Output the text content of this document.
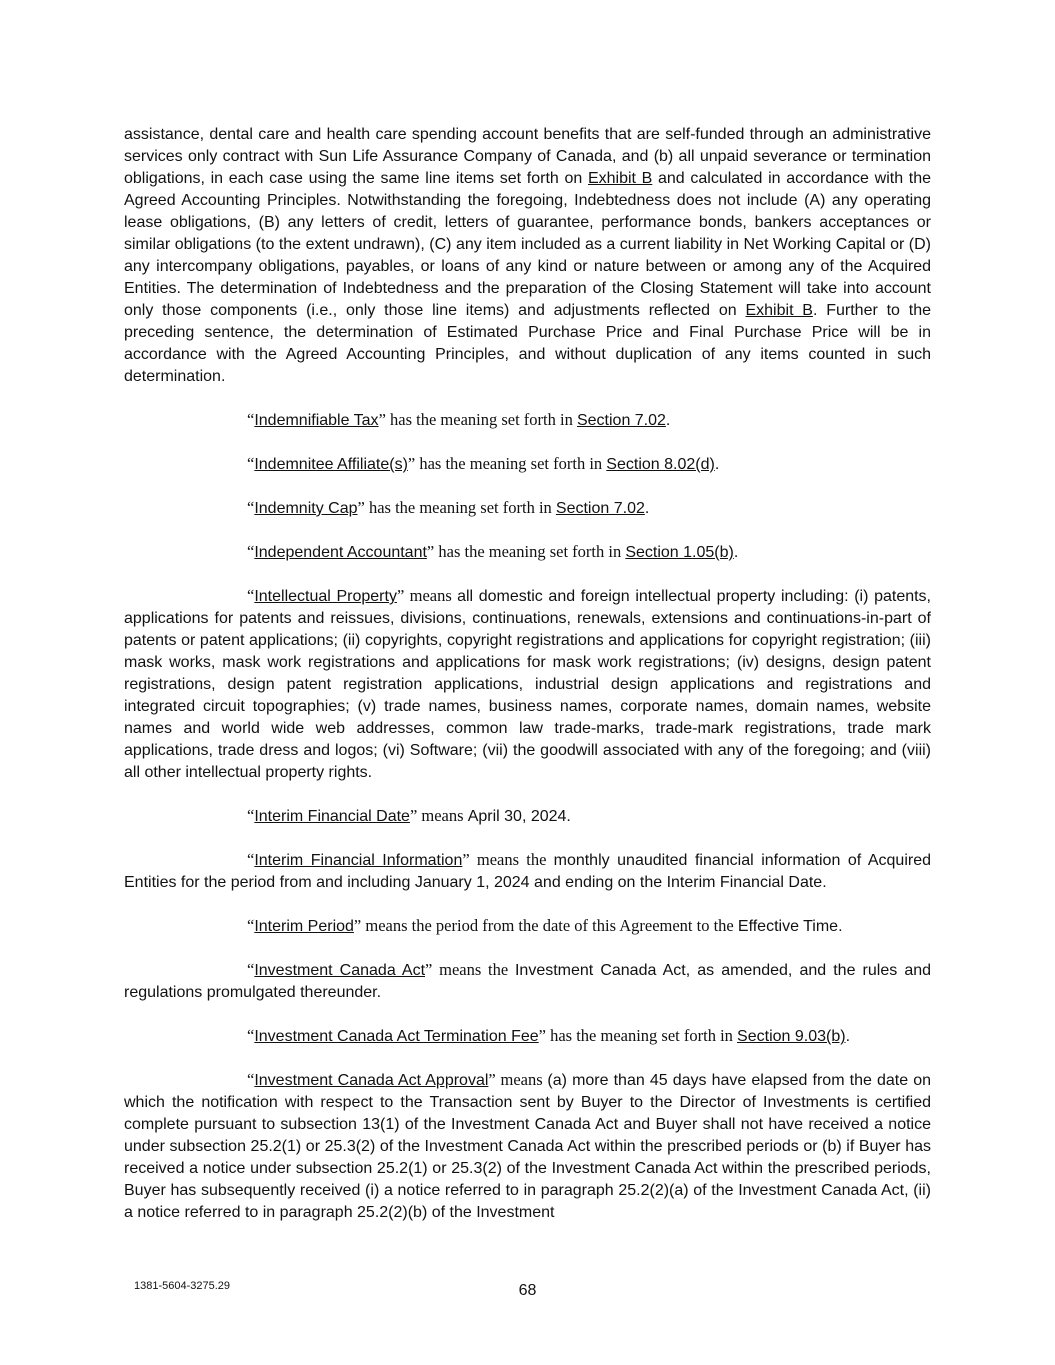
assistance, dental care and health care spending account benefits that are self-funded through an administrative services only contract with Sun Life Assurance Company of Canada, and (b) all unpaid severance or termination obligations, in each case using the same line items set forth on Exhibit B and calculated in accordance with the Agreed Accounting Principles. Notwithstanding the foregoing, Indebtedness does not include (A) any operating lease obligations, (B) any letters of credit, letters of guarantee, performance bonds, bankers acceptances or similar obligations (to the extent undrawn), (C) any item included as a current liability in Net Working Capital or (D) any intercompany obligations, payables, or loans of any kind or nature between or among any of the Acquired Entities. The determination of Indebtedness and the preparation of the Closing Statement will take into account only those components (i.e., only those line items) and adjustments reflected on Exhibit B. Further to the preceding sentence, the determination of Estimated Purchase Price and Final Purchase Price will be in accordance with the Agreed Accounting Principles, and without duplication of any items counted in such determination.

“Indemnifiable Tax” has the meaning set forth in Section 7.02.

“Indemnitee Affiliate(s)” has the meaning set forth in Section 8.02(d).

“Indemnity Cap” has the meaning set forth in Section 7.02.

“Independent Accountant” has the meaning set forth in Section 1.05(b).

“Intellectual Property” means all domestic and foreign intellectual property including: (i) patents, applications for patents and reissues, divisions, continuations, renewals, extensions and continuations-in-part of patents or patent applications; (ii) copyrights, copyright registrations and applications for copyright registration; (iii) mask works, mask work registrations and applications for mask work registrations; (iv) designs, design patent registrations, design patent registration applications, industrial design applications and registrations and integrated circuit topographies; (v) trade names, business names, corporate names, domain names, website names and world wide web addresses, common law trade-marks, trade-mark registrations, trade mark applications, trade dress and logos; (vi) Software; (vii) the goodwill associated with any of the foregoing; and (viii) all other intellectual property rights.

“Interim Financial Date” means April 30, 2024.

“Interim Financial Information” means the monthly unaudited financial information of Acquired Entities for the period from and including January 1, 2024 and ending on the Interim Financial Date.

“Interim Period” means the period from the date of this Agreement to the Effective Time.

“Investment Canada Act” means the Investment Canada Act, as amended, and the rules and regulations promulgated thereunder.

“Investment Canada Act Termination Fee” has the meaning set forth in Section 9.03(b).

“Investment Canada Act Approval” means (a) more than 45 days have elapsed from the date on which the notification with respect to the Transaction sent by Buyer to the Director of Investments is certified complete pursuant to subsection 13(1) of the Investment Canada Act and Buyer shall not have received a notice under subsection 25.2(1) or 25.3(2) of the Investment Canada Act within the prescribed periods or (b) if Buyer has received a notice under subsection 25.2(1) or 25.3(2) of the Investment Canada Act within the prescribed periods, Buyer has subsequently received (i) a notice referred to in paragraph 25.2(2)(a) of the Investment Canada Act, (ii) a notice referred to in paragraph 25.2(2)(b) of the Investment

1381-5604-3275.29	68
